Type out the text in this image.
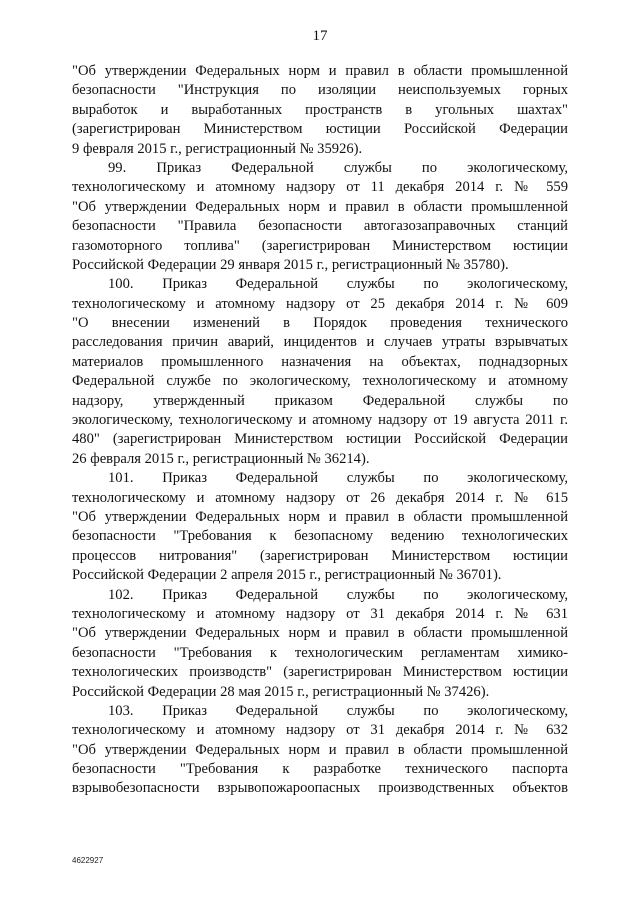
17

"Об утверждении Федеральных норм и правил в области промышленной
безопасности "Инструкция по изоляции неиспользуемых горных
выработок и выработанных пространств в угольных шахтах"
(зарегистрирован Министерством юстиции Российской Федерации
9 февраля 2015 г., регистрационный № 35926).

99. Приказ Федеральной службы по экологическому,
технологическому и атомному надзору от 11 декабря 2014 г. № 559
"Об утверждении Федеральных норм и правил в области промышленной
безопасности "Правила безопасности автогазозаправочных станций
газомоторного топлива" (зарегистрирован Министерством юстиции
Российской Федерации 29 января 2015 г., регистрационный № 35780).

100. Приказ Федеральной службы по экологическому,
технологическому и атомному надзору от 25 декабря 2014 г. № 609
"О внесении изменений в Порядок проведения технического
расследования причин аварий, инцидентов и случаев утраты взрывчатых
материалов промышленного назначения на объектах, поднадзорных
Федеральной службе по экологическому, технологическому и атомному
надзору, утвержденный приказом Федеральной службы по
экологическому, технологическому и атомному надзору от 19 августа 2011 г.
480" (зарегистрирован Министерством юстиции Российской Федерации
26 февраля 2015 г., регистрационный № 36214).

101. Приказ Федеральной службы по экологическому,
технологическому и атомному надзору от 26 декабря 2014 г. № 615
"Об утверждении Федеральных норм и правил в области промышленной
безопасности "Требования к безопасному ведению технологических
процессов нитрования" (зарегистрирован Министерством юстиции
Российской Федерации 2 апреля 2015 г., регистрационный № 36701).

102. Приказ Федеральной службы по экологическому,
технологическому и атомному надзору от 31 декабря 2014 г. № 631
"Об утверждении Федеральных норм и правил в области промышленной
безопасности "Требования к технологическим регламентам химико-
технологических производств" (зарегистрирован Министерством юстиции
Российской Федерации 28 мая 2015 г., регистрационный № 37426).

103. Приказ Федеральной службы по экологическому,
технологическому и атомному надзору от 31 декабря 2014 г. № 632
"Об утверждении Федеральных норм и правил в области промышленной
безопасности "Требования к разработке технического паспорта
взрывобезопасности взрывопожароопасных производственных объектов

4622927
